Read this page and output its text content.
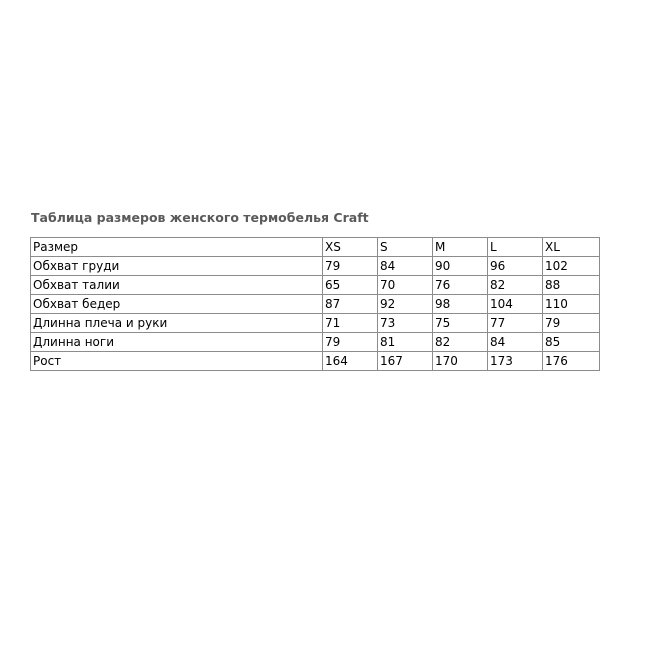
Таблица размеров женского термобелья Craft
Размер	XS	S	M	L	XL
Обхват груди	79	84	90	96	102
Обхват талии	65	70	76	82	88
Обхват бедер	87	92	98	104	110
Длинна плеча и руки	71	73	75	77	79
Длинна ноги	79	81	82	84	85
Рост	164	167	170	173	176
